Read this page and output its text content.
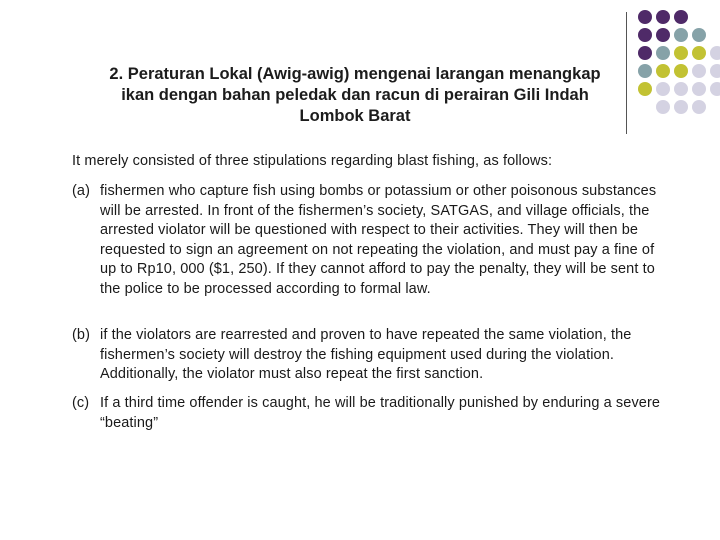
2. Peraturan Lokal (Awig-awig) mengenai larangan menangkap ikan dengan bahan peledak dan racun di perairan Gili Indah Lombok Barat
It merely consisted of three stipulations regarding blast fishing, as follows:
(a) fishermen who capture fish using bombs or potassium or other poisonous substances will be arrested. In front of the fishermen’s society, SATGAS, and village officials, the arrested violator will be questioned with respect to their activities. They will then be requested to sign an agreement on not repeating the violation, and must pay a fine of up to Rp10, 000 ($1, 250). If they cannot afford to pay the penalty, they will be sent to the police to be processed according to formal law.
(b) if the violators are rearrested and proven to have repeated the same violation, the fishermen’s society will destroy the fishing equipment used during the violation. Additionally, the violator must also repeat the first sanction.
(c) If a third time offender is caught, he will be traditionally punished by enduring a severe “beating”
